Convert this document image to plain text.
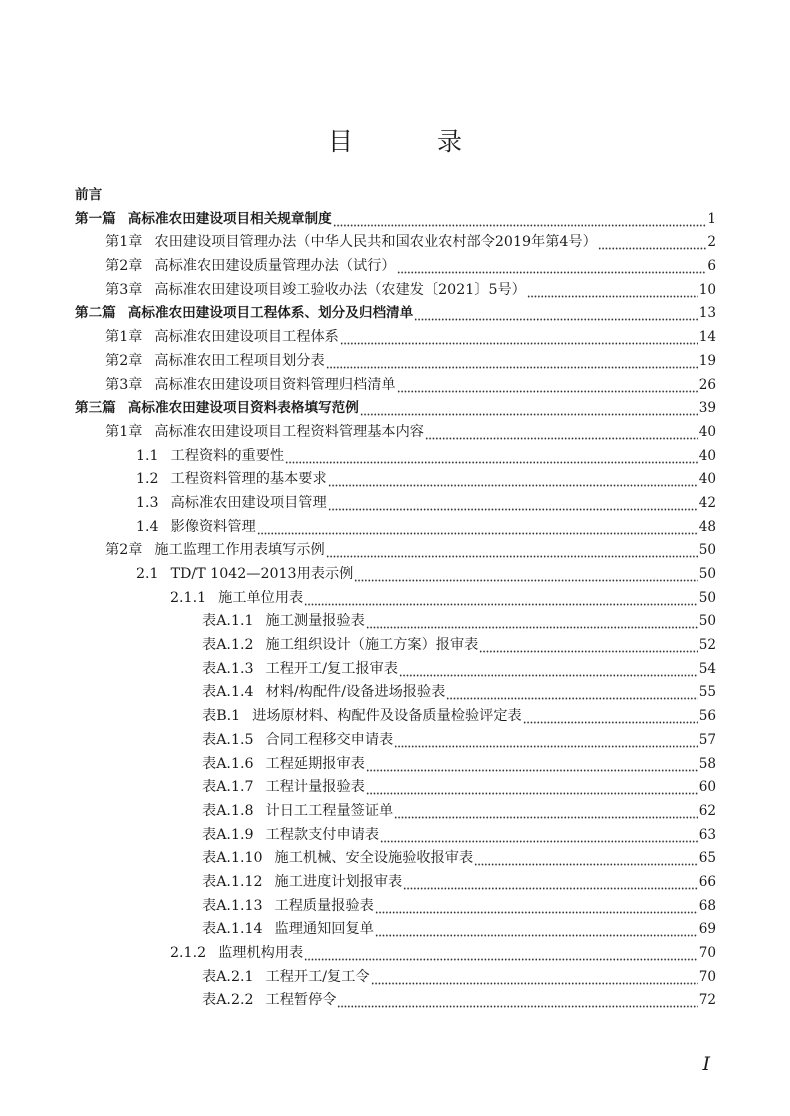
目 录
前言
第一篇 高标准农田建设项目相关规章制度	1
第1章 农田建设项目管理办法（中华人民共和国农业农村部令2019年第4号）	2
第2章 高标准农田建设质量管理办法（试行）	6
第3章 高标准农田建设项目竣工验收办法（农建发〔2021〕5号）	10
第二篇 高标准农田建设项目工程体系、划分及归档清单	13
第1章 高标准农田建设项目工程体系	14
第2章 高标准农田工程项目划分表	19
第3章 高标准农田建设项目资料管理归档清单	26
第三篇 高标准农田建设项目资料表格填写范例	39
第1章 高标准农田建设项目工程资料管理基本内容	40
1.1 工程资料的重要性	40
1.2 工程资料管理的基本要求	40
1.3 高标准农田建设项目管理	42
1.4 影像资料管理	48
第2章 施工监理工作用表填写示例	50
2.1 TD/T 1042—2013用表示例	50
2.1.1 施工单位用表	50
表A.1.1 施工测量报验表	50
表A.1.2 施工组织设计（施工方案）报审表	52
表A.1.3 工程开工/复工报审表	54
表A.1.4 材料/构配件/设备进场报验表	55
表B.1 进场原材料、构配件及设备质量检验评定表	56
表A.1.5 合同工程移交申请表	57
表A.1.6 工程延期报审表	58
表A.1.7 工程计量报验表	60
表A.1.8 计日工工程量签证单	62
表A.1.9 工程款支付申请表	63
表A.1.10 施工机械、安全设施验收报审表	65
表A.1.12 施工进度计划报审表	66
表A.1.13 工程质量报验表	68
表A.1.14 监理通知回复单	69
2.1.2 监理机构用表	70
表A.2.1 工程开工/复工令	70
表A.2.2 工程暂停令	72
I
